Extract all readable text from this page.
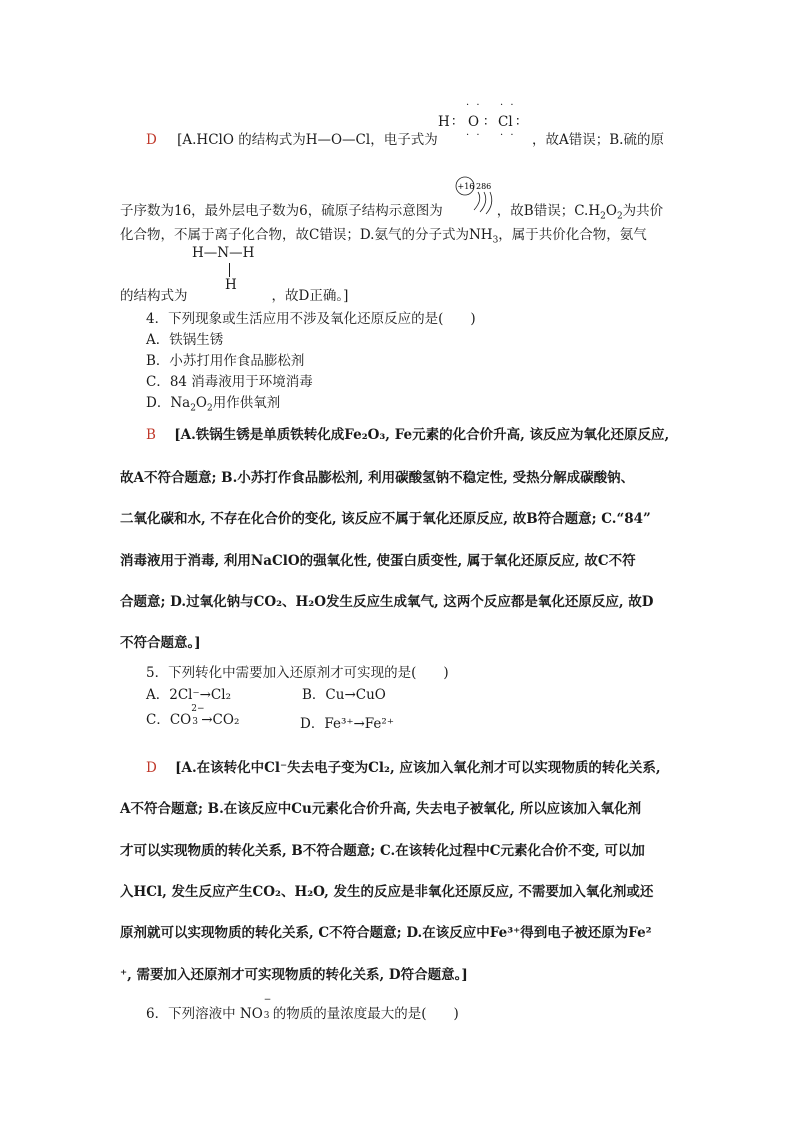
D [A.HClO 的结构式为H—O—Cl，电子式为
· · · ·
H ∶ O ∶ Cl ∶
· · · · ，故A错误；B.硫的原
+16 286
子序数为16，最外层电子数为6，硫原子结构示意图为	，故B错误；$C.H_2O_2$为共价
化合物，不属于离子化合物，故C错误；D.氨气的分子式为$NH_3$，属于共价化合物，氨气
H—N—H
H
的结构式为	，故D正确。]
4．下列现象或生活应用不涉及氧化还原反应的是(　　)
A．铁锅生锈
B．小苏打用作食品膨松剂
C．84 消毒液用于环境消毒
D．$Na_2O_2$用作供氧剂
B [A.铁锅生锈是单质铁转化成Fe₂O₃, Fe元素的化合价升高, 该反应为氧化还原反应,
故A不符合题意; B.小苏打作食品膨松剂, 利用碳酸氢钠不稳定性, 受热分解成碳酸钠、
二氧化碳和水, 不存在化合价的变化, 该反应不属于氧化还原反应, 故B符合题意; C.“84”
消毒液用于消毒, 利用NaClO的强氧化性, 使蛋白质变性, 属于氧化还原反应, 故C不符
合题意; D.过氧化钠与CO₂、H₂O发生反应生成氧气, 这两个反应都是氧化还原反应, 故D
不符合题意。]
5．下列转化中需要加入还原剂才可实现的是(　　)
A．2Cl⁻→Cl₂	B．Cu→CuO
C．CO
2−
3 →CO₂	D．Fe³⁺→Fe²⁺
D [A.在该转化中Cl⁻失去电子变为Cl₂, 应该加入氧化剂才可以实现物质的转化关系,
A不符合题意; B.在该反应中Cu元素化合价升高, 失去电子被氧化, 所以应该加入氧化剂
才可以实现物质的转化关系, B不符合题意; C.在该转化过程中C元素化合价不变, 可以加
入HCl, 发生反应产生CO₂、H₂O, 发生的反应是非氧化还原反应, 不需要加入氧化剂或还
原剂就可以实现物质的转化关系, C不符合题意; D.在该反应中Fe³⁺得到电子被还原为Fe²
⁺, 需要加入还原剂才可实现物质的转化关系, D符合题意。]
6．下列溶液中 NO
−
3 的物质的量浓度最大的是(　　)
